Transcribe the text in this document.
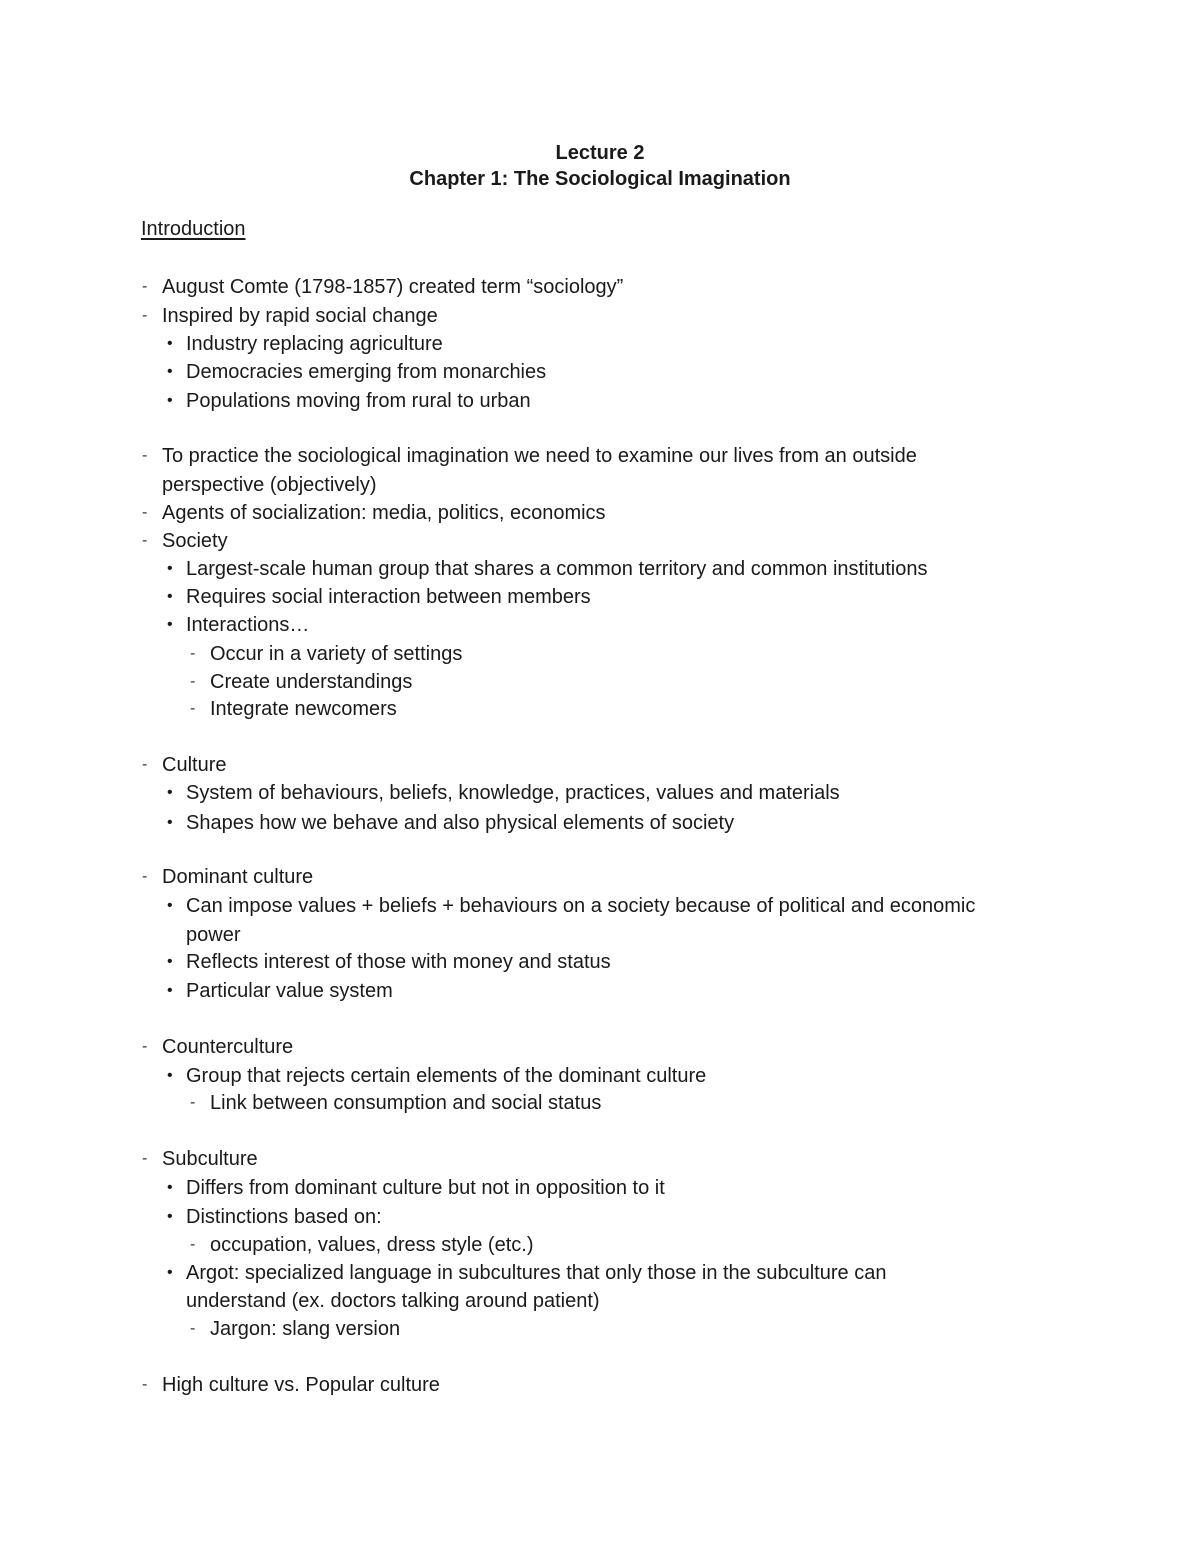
Lecture 2
Chapter 1: The Sociological Imagination
Introduction
- August Comte (1798-1857) created term “sociology”
- Inspired by rapid social change
• Industry replacing agriculture
• Democracies emerging from monarchies
• Populations moving from rural to urban
- To practice the sociological imagination we need to examine our lives from an outside
perspective (objectively)
- Agents of socialization: media, politics, economics
- Society
• Largest-scale human group that shares a common territory and common institutions
• Requires social interaction between members
• Interactions…
- Occur in a variety of settings
- Create understandings
- Integrate newcomers
- Culture
• System of behaviours, beliefs, knowledge, practices, values and materials
• Shapes how we behave and also physical elements of society
- Dominant culture
• Can impose values + beliefs + behaviours on a society because of political and economic
power
• Reflects interest of those with money and status
• Particular value system
- Counterculture
• Group that rejects certain elements of the dominant culture
- Link between consumption and social status
- Subculture
• Differs from dominant culture but not in opposition to it
• Distinctions based on:
- occupation, values, dress style (etc.)
• Argot: specialized language in subcultures that only those in the subculture can
understand (ex. doctors talking around patient)
- Jargon: slang version
- High culture vs. Popular culture
